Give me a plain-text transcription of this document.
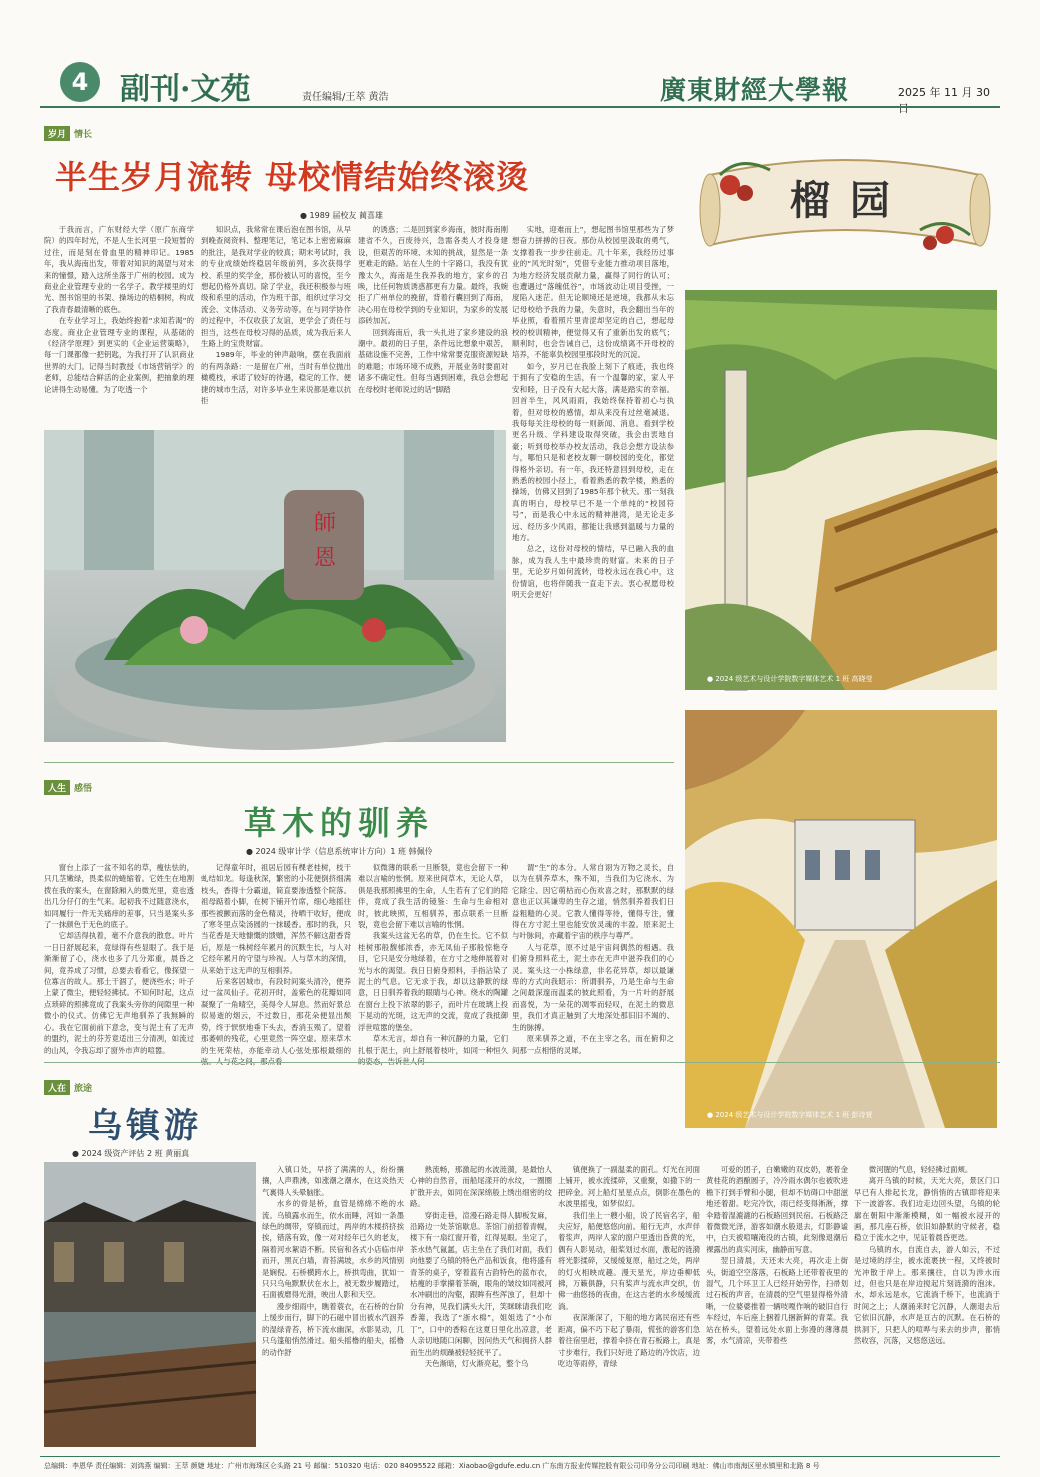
4 副刊·文苑	责任编辑/王萃 黄浩	廣東財經大學報	2025 年 11 月 30 日
榴园
岁月 情长
半生岁月流转 母校情结始终滚烫
● 1989 届校友 蔺喜雄

于我而言，广东财经大学（原广东商学院）的四年时光，不是人生长河里一段短暂的过往，而是刻在骨血里的精神印记。1985年，我从海南出发，带着对知识的渴望与对未来的憧憬，踏入这所坐落于广州的校园。成为商业企业管理专业的一名学子。教学楼里的灯光、图书馆里的书架、操场边的梧桐树，构成了我青春最清晰的底色。

在专业学习上，我始终抱着“求知若渴”的态度。商业企业管理专业的课程，从基础的《经济学原理》到更实的《企业运营策略》，每一门课都像一把钥匙，为我打开了认识商业世界的大门。记得当时教授《市场营销学》的老师，总能结合鲜活的企业案例，把抽象的理论讲得生动易懂。为了吃透一个

知识点，我常常在课后泡在图书馆，从早到晚查阅资料、整理笔记，笔记本上密密麻麻的批注，是我对学业的较真；期末考试时，我的专业成绩始终稳居年级前列，多次获得学校、系里的奖学金，那份被认可的喜悦，至今想起仍格外真切。除了学业，我还积极参与班级和系里的活动，作为班干部，组织过学习交流会、文体活动、义务劳动等。在与同学协作的过程中，不仅收获了友谊，更学会了责任与担当，这些在母校习得的品质，成为我后来人生路上的宝贵财富。

1989年，毕业的钟声敲响，摆在我面前的有两条路：一是留在广州，当时有单位抛出橄榄枝，承诺了较好的待遇，稳定的工作、便捷的城市生活，对许多毕业生来说都是难以抗拒

的诱惑；二是回到家乡海南，彼时海南刚建省不久，百废待兴，急需各类人才投身建设，但艰苦的环境、未知的挑战，显然是一条更难走的路。站在人生的十字路口，我没有犹豫太久，海南是生我养我的地方，家乡的召唤，比任何物质诱惑都更有力量。最终，我婉拒了广州单位的挽留，背着行囊回到了海南，决心用在母校学到的专业知识，为家乡的发展添砖加瓦。

回到海南后，我一头扎进了家乡建设的浪潮中。最初的日子里，条件远比想象中艰苦，基础设施不完善，工作中常常要克服资源短缺的难题；市场环境不成熟，开展业务时要面对诸多不确定性。但每当遇到困难，我总会想起在母校时老师说过的话“脚踏

实地，迎难而上”，想起图书馆里那些为了梦想奋力拼搏的日夜。那份从校园里汲取的勇气，支撑着我一步步往前走。几十年来，我经历过事业的“风光时刻”，凭借专业能力推动项目落地，为地方经济发展贡献力量，赢得了同行的认可；也遭遇过“落魄低谷”，市场波动让项目受挫，一度陷入迷茫。但无论顺境还是逆境，我都从未忘记母校给予我的力量，失意时，我会翻出当年的毕业照，看着照片里青涩却坚定的自己，想起母校的校训精神，便觉得又有了重新出发的底气；顺利时，也会告诫自己，这份成绩离不开母校的培养，不能辜负校园里那段时光的沉淀。

如今，岁月已在我脸上刻下了痕迹，我也终于拥有了安稳的生活，有一个温馨的家，家人平安和睦，日子没有大起大落，满是踏实的幸福。回首半生，风风雨雨，我始终保持着初心与执着，但对母校的感情，却从来没有过丝毫减退。我每每关注母校的每一则新闻、消息。看到学校更名升级、学科建设取得突破，我会由衷地自豪；听到母校举办校友活动，我总会想方设法参与，哪怕只是和老校友聊一聊校园的变化，都觉得格外亲切。有一年，我还特意回到母校，走在熟悉的校园小径上，看着熟悉的教学楼，熟悉的操场，仿佛又回到了1985年那个秋天。那一刻我真的明白，母校早已不是一个单纯的“校园符号”，而是我心中永远的精神港湾，是无论走多远、经历多少风雨，都能让我感到温暖与力量的地方。

总之，这份对母校的情结，早已融入我的血脉，成为我人生中最珍贵的财富。未来的日子里，无论岁月如何流转，母校永远在我心中，这份情谊，也将伴随我一直走下去。衷心祝愿母校明天会更好！

師
恩
● 2024 级艺术与设计学院数字媒体艺术 1 班 高晓莹
● 2024 级艺术与设计学院数字媒体艺术 1 班 彭诗萱
人生 感悟
草木的驯养
● 2024 级审计学（信息系统审计方向）1 班 韩佩伶

窗台上添了一盆不知名的草，瘦怯怯的，只几茎嫩绿，畏柔似的蜷缩着。它姓生在地割拨在我的案头，在窗除厢入的微光里，竟也透出几分仔仃的生气来。起初我不过随意浇水，如同履行一件无关痛痒的差事，只当是案头多了一抹颜色于无色的底子。

它却活得执着，毫不介意我的散怠。叶片一日日舒展起来，竟绿得有些显眼了。我于是渐渐留了心，浇水也多了几分郑重，晨昏之间，竟养成了习惯，总要去看看它，像探望一位寡言的故人。那土干涸了，便浇些水；叶子上蒙了微尘，便轻轻拂拭。不知何时起，这点点琐碎的照拂竟成了我案头旁你的间隙里一种微小的仪式。仿佛它无声地驯养了我無瞬的心。我在它面前前下意念，变与泥土有了无声的盟约，泥土的芬芳竟适出三分清冽，如流过的山风，令我忘却了窗外市声的喧嚣。

记得童年时，祖居后园有棵老桂树，枝干虬结如龙。每逢秋深，繁密的小花便倒挤细满枝头，香得十分霸道，简直要渗透整个院落。祖母踮着小脚，在树下铺开竹席，细心地摇往那些被颤而落的金色精灵，待晒干收好，便成了寒冬里点染汤圆的一抹暖香。那时的我，只当花香是天地慷慨的馈赠，浑然不解这甜香背后，原是一株树经年累月的沉默生长，与人对它经年累月的守望与珍视。人与草木的深情，从来始于这无声的互相驯养。

后来客居城市，有段时间案头清冷，便养过一盆凤仙子。花初开时，盖紫色的花瓣如同凝聚了一角晴空，美得令人屏息。然而好景总似易逝的烟云，不过数日，那花朵便显出颓势，终于恹恹地垂下头去，香消玉殒了。望着那萎顿的残花，心里竟然一阵空虚。原来草木的生死荣枯，亦能牵动人心弦处那根最细的弦。人与花之间，那点看

似微薄的联系一旦断裂，竟也会留下一种难以言喻的怅惘。原来世间草木，无论人草，俱是我那照拂里的生命，人生若有了它们的陪伴，竟成了我生活的镜鉴：生命与生命相对时，彼此映照，互相驯养，那点联系一旦断裂，竟也会留下难以言喻的怅惘。

我案头这盆无名的草，仍在生长。它不似桂树那般馥郁浓香，亦无凤仙子那般惊艳夺目，它只是安分地绿着，在方寸之地伸展着对光与水的渴望。我日日俯身照料，手指沾染了泥土的气息。它无求于我，却以这静默的绿意，日日驯养着我的眼睛与心神。绕水的陶罐在窗台上投下浓翠的影子，而叶片在玻璃上投下晃动的光斑，这无声的交流，竟成了我抵御浮世喧嚣的堡垒。

草木无言，却自有一种沉静的力量，它们扎根于泥土，向上舒展着枝叶，如同一种恒久的姿态，告诉世人何

谓“生”的本分。人常自诩为万物之灵长，自以为在驯养草木，殊不知，当我们为它浇水、为它除尘、因它萌枯而心伤欢喜之时，那默默的绿意也正以其谦卑的生存之道，悄然驯养着我们日益粗糙的心灵。它教人懂得等待，懂得专注，懂得在方寸泥土里也能安放灵魂的丰盈。原来泥土与叶脉间，亦藏着宇宙的秩序与尊严。

人与花草，原不过是宇宙间偶然的相遇。我们俯身照料花土，泥土亦在无声中滋养我们的心灵。案头这一小株绿意，非名花异草，却以最谦卑的方式向我昭示：所谓驯养，乃是生命与生命之间最深邃而温柔的彼此照看，为一片叶的舒展而喜悦，为一朵花的凋零而轻叹，在泥土的微息里，我们才真正触到了大地深处那旧旧不竭的、生的脉搏。

原来驯养之道，不在主宰之名，而在俯仰之间那一点相惜的灵犀。

人在 旅途
乌镇游
● 2024 级资产评估 2 班 黄丽真

入镇口处，早挤了满满的人，纷纷攘攘，人声鼎沸，如涨潮之潮水，在这炎热天气裏得人头晕脑胀。

水乡的骨是桥，血管是绵绵不绝的水流。乌镇露水而生，依水而睡，河如一条墨绿色的绸带，穿镇而过，两岸的木楼挤挤挨挨，错落有致，像一对对经年已久的老友，隔着河水絮语不断。民宿和各式小店临市岸而开，黑瓦白墙，青苔满坡，水乡的风情别是娴倪。石桥横跨水上，桥拱弯曲，犹如一只只乌龟默默伏在水上，被无数步履踏过，石面被磨得光滑，映出人影和天空。

漫步细雨中，瞧着蓑衣，在石桥的台阶上缓步而行，脚下的石磁中冒出被水汽洇养的湿绿青苔，桥下流水幽深，水影晃动，几只乌篷船悄然滑过。船头摇橹的船夫，摇橹的动作舒

熟流畅，那激起的水波涟漪，是最怡人心神的自然音，而船尾漾开的水纹，一圈圈扩散开去，如同在深深绵般上绣出细密的纹路。

穿街走巷，渲漫石路走得人脚板发麻，沿路边一处茶馆歇息。茶馆门前招着青幌，楼下有一扇红窗开着，红得晃眼。坐定了，茶水热气氤氲，店主坐在了我们对面，我们向他要了乌镇的特色产品和饭食，他将盛有青茶的桌子，穿着蓝有古韵特色的蓝布衣，枯瘦的手掌攥着茶碗，眼角的皱纹如同被河水冲刷出的沟壑，跟眸有些浑浊了，但却十分有神，见我们满头大汗，笑眯眯请我们吃香薷，我选了“浙水棉”，姐姐选了“小布丁”，口中的香粽在这夏日里化出凉意，老人亲切地随口闲聊，因问热天气和拥挤人群而生出的烦躁被轻轻抚平了。

天色渐暗，灯火渐亮起，整个乌

镇便换了一副温柔的面孔。灯光在河面上铺开，被水流揉碎，又重聚，如撒下的一把碎金。河上船灯星星点点，倒影在墨色的水波里摇曳，如梦似幻。

我们坐上一艘小船，说了民宿名字，船夫应好，船便悠悠向前。船行无声，水声伴着浆声，两岸人家的窗户里透出昏黄的光，偶有人影晃动，船桨划过水面，激起的涟漪将光影揉碎，又缓缓复原，船过之处，两岸的灯火相映成趣。漫天星光，岸边垂柳低拂，万籁俱静，只有桨声与流水声交织，仿佛一曲悠扬的夜曲，在这古老的水乡缓缓流淌。

夜深渐深了，下船的地方离民宿还有些距离，偏不巧下起了暴雨，慌张的游客们急着往宿里赶，撑着伞挤在青石板路上，真是寸步难行，我们只好进了路边的冷饮店，边吃边等雨停，青绿

可爱的团子，白嫩嫩的双皮奶，裹着金黄桂花的酒酿圆子，冷冷雨水偶尔也被吹进檐下打到手臂和小腿，但却不妨碍口中甜滋地还着甜。吃完冷饮，雨已经变得淅淅，撑伞踏着湿漉漉的石板路回到民宿。石板路泛着微微光泽，游客如潮水般退去，灯影静谧中，白天被喧嚷淹没的古镇，此刻像退潮后裸露出的真实河床，幽静而写意。

翌日清晨，天还未大亮，再次走上街头，街道空空落落，石板路上还带着夜里的湿气，几个环卫工人已经开始劳作，扫帚划过石板的声音，在清晨的空气里显得格外清晰，一位婆婆推着一辆吱嘎作响的破旧自行车经过，车后座上捆着几捆新鲜的青菜。我站在桥头，望着远处水面上弥漫的薄薄晨雾，水气清凉，夹带着些

微河腥的气息，轻轻拂过面颊。

离开乌镇的时候，天光大亮，景区门口早已有人排起长龙，静悄悄的古镇即将迎来下一波游客。我们边走边回头望，乌镇的轮廓在朝阳中渐渐模糊，如一幅被水浸开的画，那几座石桥，依旧如静默的守候者，稳稳立于流水之中，见证着晨昏更迭。

乌镇的水，自流自去，游人如云，不过是过境的浮尘，被水流裹挟一程，又终被时光冲散于岸上。那来攘往，自以为涉水而过，但也只是在岸边搅起片刻涟漪的泡沫。水，却永远是水，它流淌千桥下，也流淌于时间之上；人潮涌来时它沉静，人潮退去后它依旧沉静，水声是亘古的沉默。在石桥的拱洞下，只把人的喧哗与来去的步声，都悄然收容，沉落，又悠悠送远。

总编辑：李恩华 责任编辑：刘鸿燕 编辑：王萃 颜婕 地址：广州市海珠区仑头路 21 号 邮编：510320 电话：020 84095522 邮箱：Xiaobao@gdufe.edu.cn 广东南方报业传媒控股有限公司印务分公司印刷 地址：佛山市南海区里水镇里和北路 8 号
